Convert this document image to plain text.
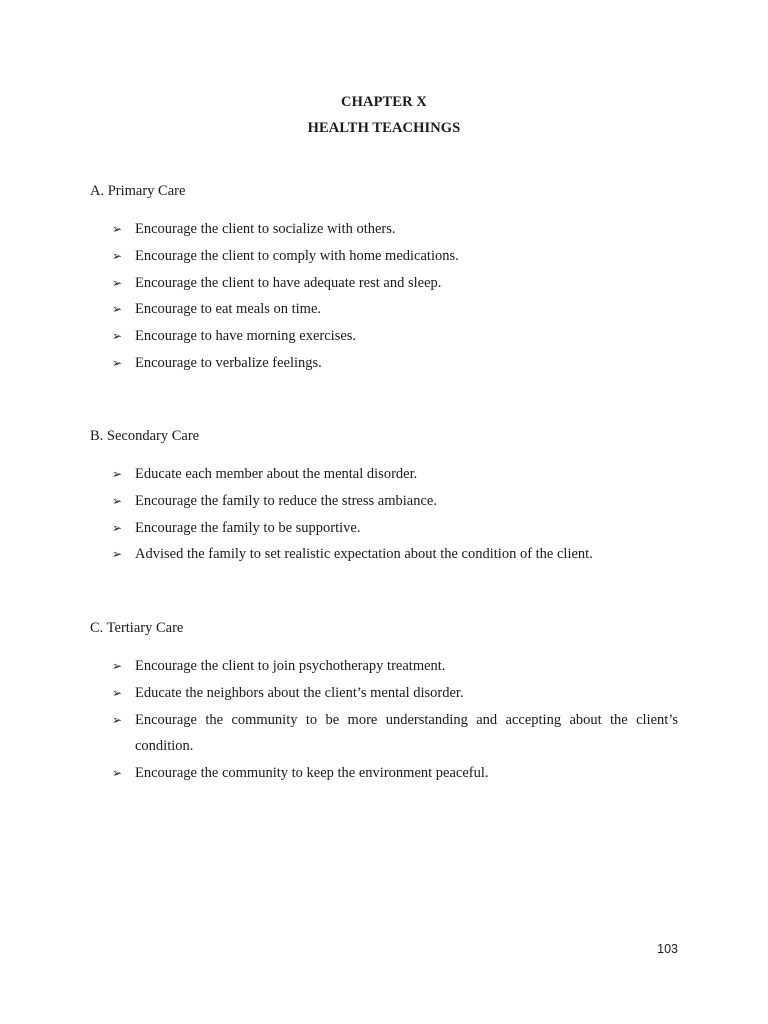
CHAPTER X
HEALTH TEACHINGS
A. Primary Care
➢ Encourage the client to socialize with others.
➢ Encourage the client to comply with home medications.
➢ Encourage the client to have adequate rest and sleep.
➢ Encourage to eat meals on time.
➢ Encourage to have morning exercises.
➢ Encourage to verbalize feelings.
B. Secondary Care
➢ Educate each member about the mental disorder.
➢ Encourage the family to reduce the stress ambiance.
➢ Encourage the family to be supportive.
➢ Advised the family to set realistic expectation about the condition of the client.
C. Tertiary Care
➢ Encourage the client to join psychotherapy treatment.
➢ Educate the neighbors about the client’s mental disorder.
➢ Encourage the community to be more understanding and accepting about the client’s condition.
➢ Encourage the community to keep the environment peaceful.
103
